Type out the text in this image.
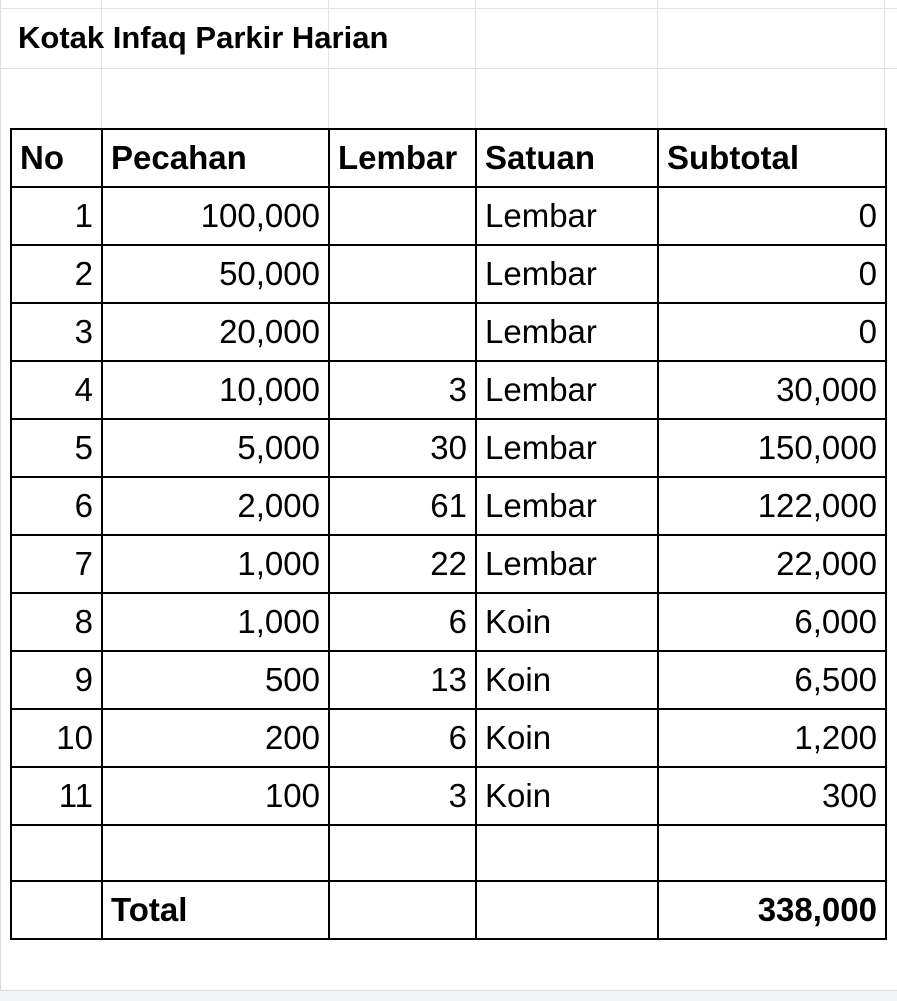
Kotak Infaq Parkir Harian
No	Pecahan	Lembar	Satuan	Subtotal
1	100,000		Lembar	0
2	50,000		Lembar	0
3	20,000		Lembar	0
4	10,000	3	Lembar	30,000
5	5,000	30	Lembar	150,000
6	2,000	61	Lembar	122,000
7	1,000	22	Lembar	22,000
8	1,000	6	Koin	6,000
9	500	13	Koin	6,500
10	200	6	Koin	1,200
11	100	3	Koin	300

	Total			338,000
